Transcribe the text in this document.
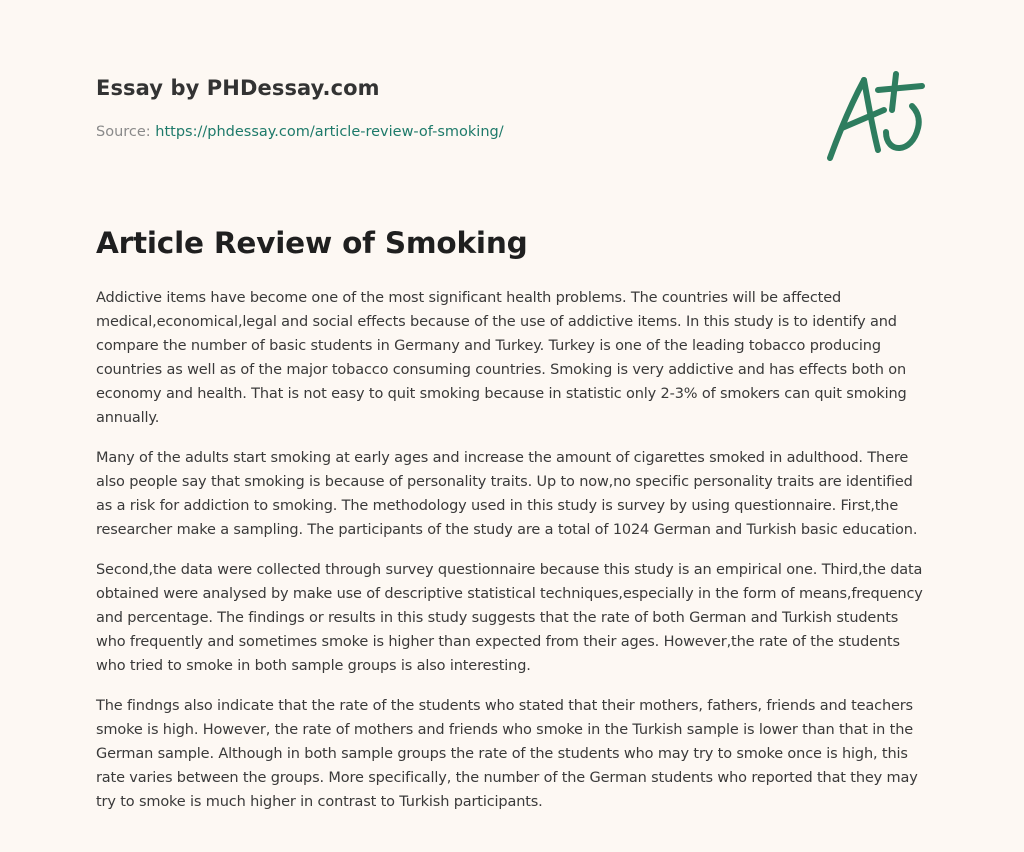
Essay by PHDessay.com
Source: https://phdessay.com/article-review-of-smoking/
Article Review of Smoking

Addictive items have become one of the most significant health problems. The countries will be affected medical,economical,legal and social effects because of the use of addictive items. In this study is to identify and compare the number of basic students in Germany and Turkey. Turkey is one of the leading tobacco producing countries as well as of the major tobacco consuming countries. Smoking is very addictive and has effects both on economy and health. That is not easy to quit smoking because in statistic only 2-3% of smokers can quit smoking annually.

Many of the adults start smoking at early ages and increase the amount of cigarettes smoked in adulthood. There also people say that smoking is because of personality traits. Up to now,no specific personality traits are identified as a risk for addiction to smoking. The methodology used in this study is survey by using questionnaire. First,the researcher make a sampling. The participants of the study are a total of 1024 German and Turkish basic education.

Second,the data were collected through survey questionnaire because this study is an empirical one. Third,the data obtained were analysed by make use of descriptive statistical techniques,especially in the form of means,frequency and percentage. The findings or results in this study suggests that the rate of both German and Turkish students who frequently and sometimes smoke is higher than expected from their ages. However,the rate of the students who tried to smoke in both sample groups is also interesting.

The findngs also indicate that the rate of the students who stated that their mothers, fathers, friends and teachers smoke is high. However, the rate of mothers and friends who smoke in the Turkish sample is lower than that in the German sample. Although in both sample groups the rate of the students who may try to smoke once is high, this rate varies between the groups. More specifically, the number of the German students who reported that they may try to smoke is much higher in contrast to Turkish participants.
